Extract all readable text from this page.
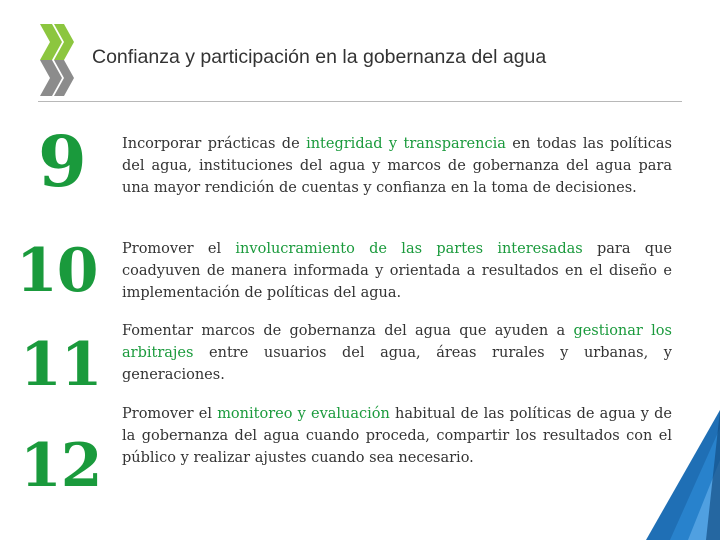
Confianza y participación en la gobernanza del agua
9
10
11
12

Incorporar prácticas de integridad y transparencia en todas las políticas del agua, instituciones del agua y marcos de gobernanza del agua para una mayor rendición de cuentas y confianza en la toma de decisiones.

Promover el involucramiento de las partes interesadas para que coadyuven de manera informada y orientada a resultados en el diseño e implementación de políticas del agua.

Fomentar marcos de gobernanza del agua que ayuden a gestionar los arbitrajes entre usuarios del agua, áreas rurales y urbanas, y generaciones.

Promover el monitoreo y evaluación habitual de las políticas de agua y de la gobernanza del agua cuando proceda, compartir los resultados con el público y realizar ajustes cuando sea necesario.
